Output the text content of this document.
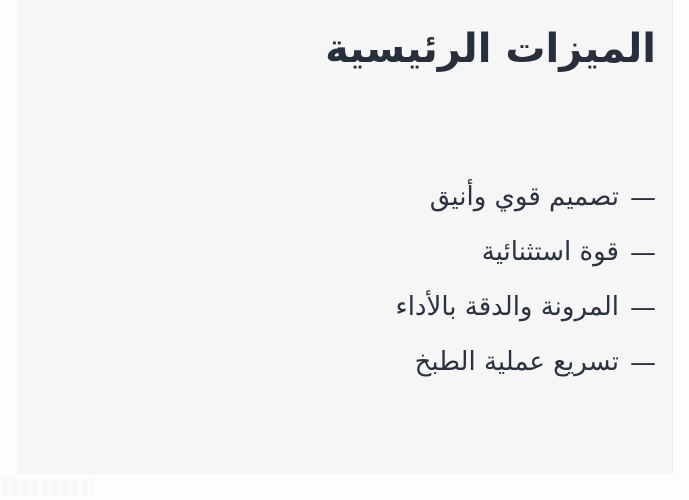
الميزات الرئيسية
—
تصميم قوي وأنيق
—
قوة استثنائية
—
المرونة والدقة بالأداء
—
تسريع عملية الطبخ
